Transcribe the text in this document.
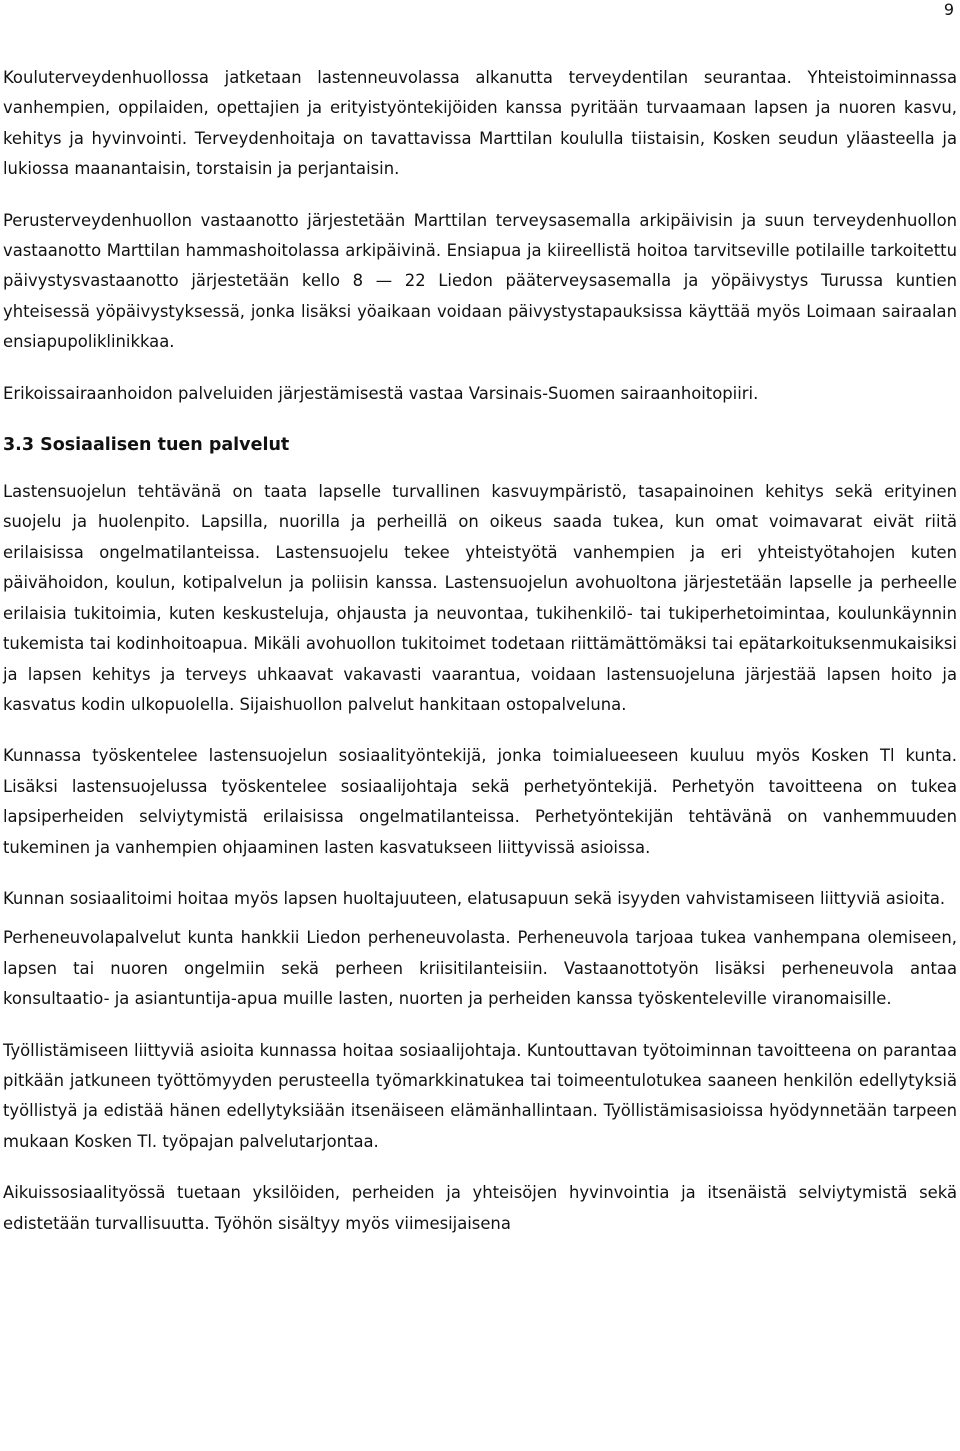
9

Kouluterveydenhuollossa jatketaan lastenneuvolassa alkanutta terveydentilan seurantaa. Yhteistoiminnassa vanhempien, oppilaiden, opettajien ja erityistyöntekijöiden kanssa pyritään turvaamaan lapsen ja nuoren kasvu, kehitys ja hyvinvointi. Terveydenhoitaja on tavattavissa Marttilan koululla tiistaisin, Kosken seudun yläasteella ja lukiossa maanantaisin, torstaisin ja perjantaisin.

Perusterveydenhuollon vastaanotto järjestetään Marttilan terveysasemalla arkipäivisin ja suun terveydenhuollon vastaanotto Marttilan hammashoitolassa arkipäivinä. Ensiapua ja kiireellistä hoitoa tarvitseville potilaille tarkoitettu päivystysvastaanotto järjestetään kello 8 — 22 Liedon pääterveysasemalla ja yöpäivystys Turussa kuntien yhteisessä yöpäivystyksessä, jonka lisäksi yöaikaan voidaan päivystystapauksissa käyttää myös Loimaan sairaalan ensiapupoliklinikkaa.

Erikoissairaanhoidon palveluiden järjestämisestä vastaa Varsinais-Suomen sairaanhoitopiiri.

3.3 Sosiaalisen tuen palvelut

Lastensuojelun tehtävänä on taata lapselle turvallinen kasvuympäristö, tasapainoinen kehitys sekä erityinen suojelu ja huolenpito. Lapsilla, nuorilla ja perheillä on oikeus saada tukea, kun omat voimavarat eivät riitä erilaisissa ongelmatilanteissa. Lastensuojelu tekee yhteistyötä vanhempien ja eri yhteistyötahojen kuten päivähoidon, koulun, kotipalvelun ja poliisin kanssa. Lastensuojelun avohuoltona järjestetään lapselle ja perheelle erilaisia tukitoimia, kuten keskusteluja, ohjausta ja neuvontaa, tukihenkilö- tai tukiperhetoimintaa, koulunkäynnin tukemista tai kodinhoitoapua. Mikäli avohuollon tukitoimet todetaan riittämättömäksi tai epätarkoituksenmukaisiksi ja lapsen kehitys ja terveys uhkaavat vakavasti vaarantua, voidaan lastensuojeluna järjestää lapsen hoito ja kasvatus kodin ulkopuolella. Sijaishuollon palvelut hankitaan ostopalveluna.

Kunnassa työskentelee lastensuojelun sosiaalityöntekijä, jonka toimialueeseen kuuluu myös Kosken Tl kunta. Lisäksi lastensuojelussa työskentelee sosiaalijohtaja sekä perhetyöntekijä. Perhetyön tavoitteena on tukea lapsiperheiden selviytymistä erilaisissa ongelmatilanteissa. Perhetyöntekijän tehtävänä on vanhemmuuden tukeminen ja vanhempien ohjaaminen lasten kasvatukseen liittyvissä asioissa.

Kunnan sosiaalitoimi hoitaa myös lapsen huoltajuuteen, elatusapuun sekä isyyden vahvistamiseen liittyviä asioita.

Perheneuvolapalvelut kunta hankkii Liedon perheneuvolasta. Perheneuvola tarjoaa tukea vanhempana olemiseen, lapsen tai nuoren ongelmiin sekä perheen kriisitilanteisiin. Vastaanottotyön lisäksi perheneuvola antaa konsultaatio- ja asiantuntija-apua muille lasten, nuorten ja perheiden kanssa työskenteleville viranomaisille.

Työllistämiseen liittyviä asioita kunnassa hoitaa sosiaalijohtaja. Kuntouttavan työtoiminnan tavoitteena on parantaa pitkään jatkuneen työttömyyden perusteella työmarkkinatukea tai toimeentulotukea saaneen henkilön edellytyksiä työllistyä ja edistää hänen edellytyksiään itsenäiseen elämänhallintaan. Työllistämisasioissa hyödynnetään tarpeen mukaan Kosken Tl. työpajan palvelutarjontaa.

Aikuissosiaalityössä tuetaan yksilöiden, perheiden ja yhteisöjen hyvinvointia ja itsenäistä selviytymistä sekä edistetään turvallisuutta. Työhön sisältyy myös viimesijaisena
